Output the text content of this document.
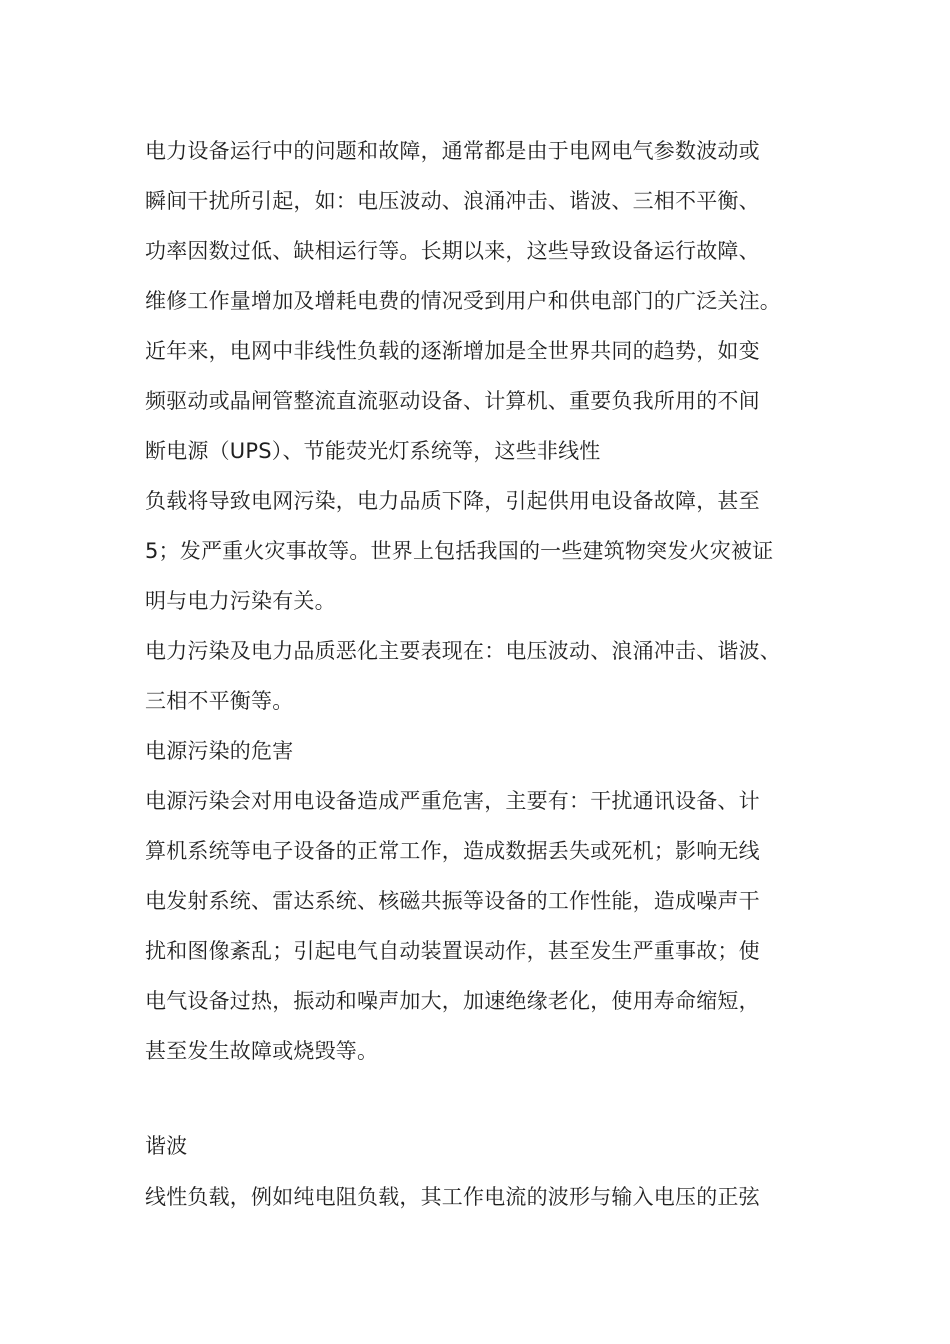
电力设备运行中的问题和故障，通常都是由于电网电气参数波动或
瞬间干扰所引起，如：电压波动、浪涌冲击、谐波、三相不平衡、
功率因数过低、缺相运行等。长期以来，这些导致设备运行故障、
维修工作量增加及增耗电费的情况受到用户和供电部门的广泛关注。
近年来，电网中非线性负载的逐渐增加是全世界共同的趋势，如变
频驱动或晶闸管整流直流驱动设备、计算机、重要负我所用的不间
断电源（UPS）、节能荧光灯系统等，这些非线性
负载将导致电网污染，电力品质下降，引起供用电设备故障，甚至
5；发严重火灾事故等。世界上包括我国的一些建筑物突发火灾被证
明与电力污染有关。
电力污染及电力品质恶化主要表现在：电压波动、浪涌冲击、谐波、
三相不平衡等。
电源污染的危害
电源污染会对用电设备造成严重危害，主要有：干扰通讯设备、计
算机系统等电子设备的正常工作，造成数据丢失或死机；影响无线
电发射系统、雷达系统、核磁共振等设备的工作性能，造成噪声干
扰和图像紊乱；引起电气自动装置误动作，甚至发生严重事故；使
电气设备过热，振动和噪声加大，加速绝缘老化，使用寿命缩短，
甚至发生故障或烧毁等。
谐波
线性负载，例如纯电阻负载，其工作电流的波形与输入电压的正弦
